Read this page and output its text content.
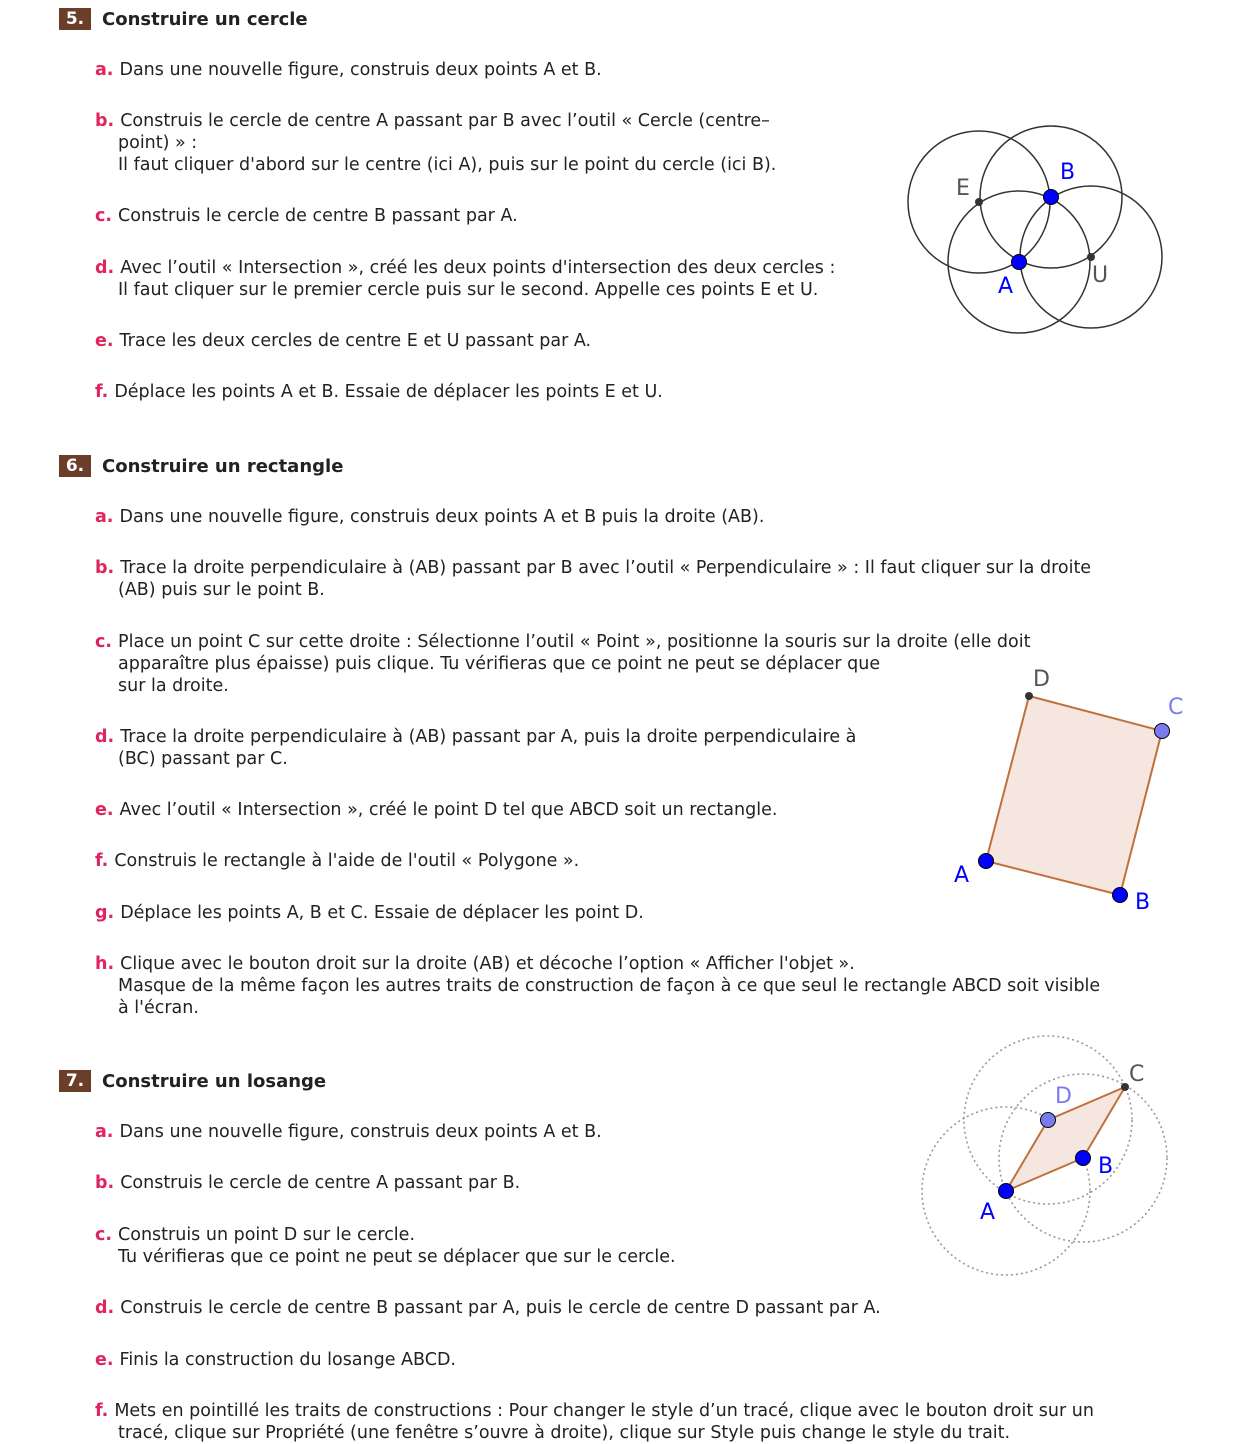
5. Construire un cercle
a. Dans une nouvelle figure, construis deux points A et B.
b. Construis le cercle de centre A passant par B avec l’outil « Cercle (centre–
point) » :
Il faut cliquer d'abord sur le centre (ici A), puis sur le point du cercle (ici B).
c. Construis le cercle de centre B passant par A.
d. Avec l’outil « Intersection », créé les deux points d'intersection des deux cercles :
Il faut cliquer sur le premier cercle puis sur le second. Appelle ces points E et U.
e. Trace les deux cercles de centre E et U passant par A.
f. Déplace les points A et B. Essaie de déplacer les points E et U.
E
B
A	U
6. Construire un rectangle
a. Dans une nouvelle figure, construis deux points A et B puis la droite (AB).
b. Trace la droite perpendiculaire à (AB) passant par B avec l’outil « Perpendiculaire » : Il faut cliquer sur la droite
(AB) puis sur le point B.
c. Place un point C sur cette droite : Sélectionne l’outil « Point », positionne la souris sur la droite (elle doit
apparaître plus épaisse) puis clique. Tu vérifieras que ce point ne peut se déplacer que
sur la droite.
d. Trace la droite perpendiculaire à (AB) passant par A, puis la droite perpendiculaire à
(BC) passant par C.
e. Avec l’outil « Intersection », créé le point D tel que ABCD soit un rectangle.
f. Construis le rectangle à l'aide de l'outil « Polygone ».
g. Déplace les points A, B et C. Essaie de déplacer les point D.
h. Clique avec le bouton droit sur la droite (AB) et décoche l’option « Afficher l'objet ».
Masque de la même façon les autres traits de construction de façon à ce que seul le rectangle ABCD soit visible
à l'écran.
D
C
A
B
7. Construire un losange
a. Dans une nouvelle figure, construis deux points A et B.
b. Construis le cercle de centre A passant par B.
c. Construis un point D sur le cercle.
Tu vérifieras que ce point ne peut se déplacer que sur le cercle.
d. Construis le cercle de centre B passant par A, puis le cercle de centre D passant par A.
e. Finis la construction du losange ABCD.
f. Mets en pointillé les traits de constructions : Pour changer le style d’un tracé, clique avec le bouton droit sur un
tracé, clique sur Propriété (une fenêtre s’ouvre à droite), clique sur Style puis change le style du trait.
C
D
B
A
